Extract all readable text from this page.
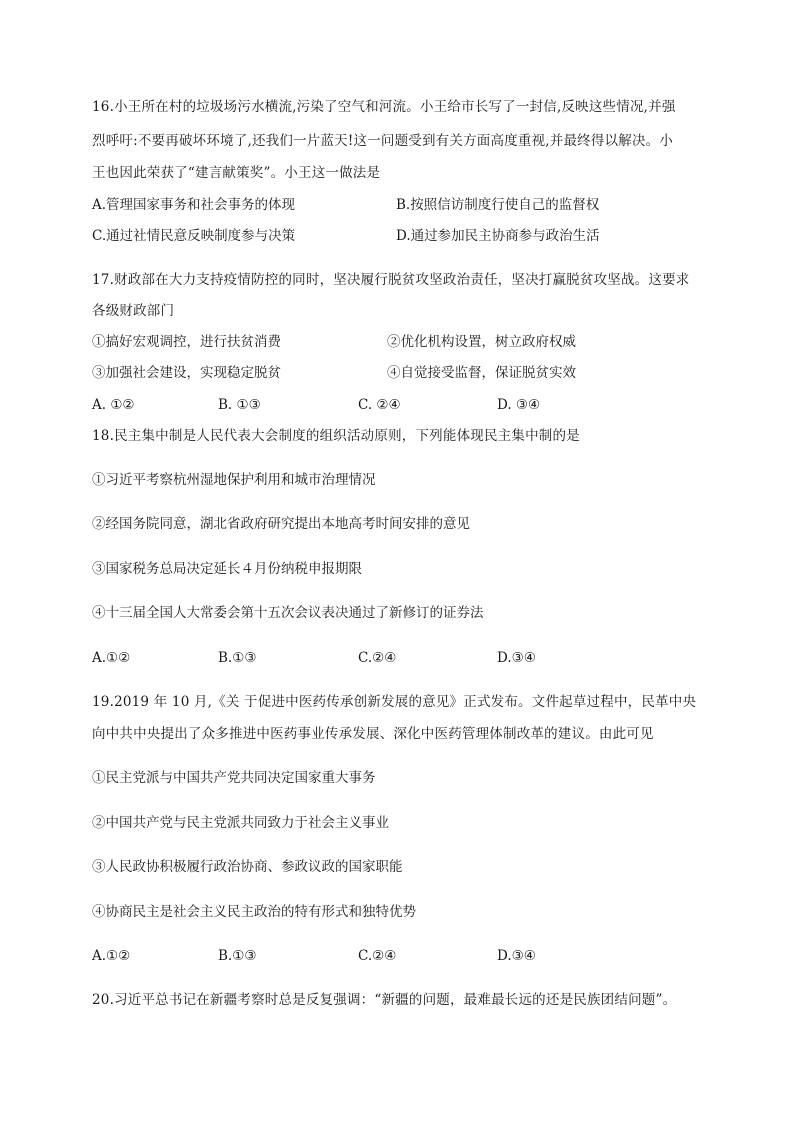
16.小王所在村的垃圾场污水横流,污染了空气和河流。小王给市长写了一封信,反映这些情况,并强
烈呼吁:不要再破坏环境了,还我们一片蓝天!这一问题受到有关方面高度重视,并最终得以解决。小
王也因此荣获了“建言献策奖”。小王这一做法是
A.管理国家事务和社会事务的体现	B.按照信访制度行使自己的监督权
C.通过社情民意反映制度参与决策	D.通过参加民主协商参与政治生活
17.财政部在大力支持疫情防控的同时，坚决履行脱贫攻坚政治责任，坚决打赢脱贫攻坚战。这要求
各级财政部门
①搞好宏观调控，进行扶贫消费	②优化机构设置，树立政府权威
③加强社会建设，实现稳定脱贫	④自觉接受监督，保证脱贫实效
A. ①②	B. ①③	C. ②④	D. ③④
18.民主集中制是人民代表大会制度的组织活动原则，下列能体现民主集中制的是
①习近平考察杭州湿地保护利用和城市治理情况
②经国务院同意，湖北省政府研究提出本地高考时间安排的意见
③国家税务总局决定延长４月份纳税申报期限
④十三届全国人大常委会第十五次会议表决通过了新修订的证券法
A.①②	B.①③	C.②④	D.③④
19.2019 年 10 月,《关 于促进中医药传承创新发展的意见》正式发布。文件起草过程中，民革中央
向中共中央提出了众多推进中医药事业传承发展、深化中医药管理体制改革的建议。由此可见
①民主党派与中国共产党共同决定国家重大事务
②中国共产党与民主党派共同致力于社会主义事业
③人民政协积极履行政治协商、参政议政的国家职能
④协商民主是社会主义民主政治的特有形式和独特优势
A.①②	B.①③	C.②④	D.③④
20.习近平总书记在新疆考察时总是反复强调：“新疆的问题，最难最长远的还是民族团结问题”。
